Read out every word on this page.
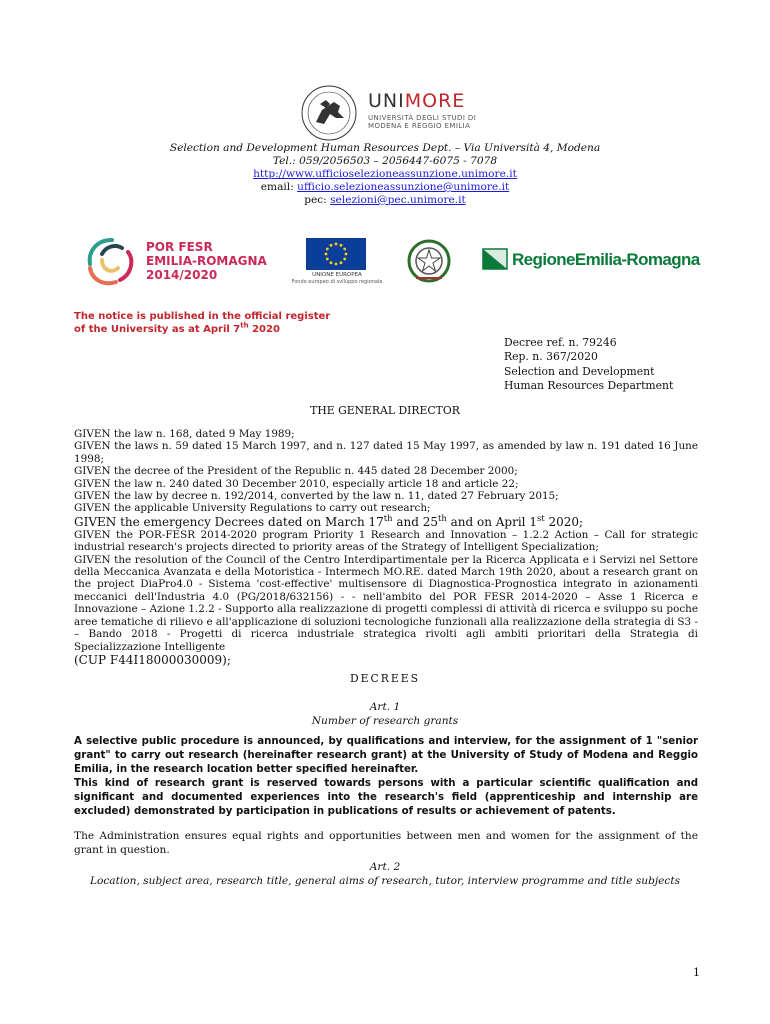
UNIMORE
UNIVERSITÀ DEGLI STUDI DI
MODENA E REGGIO EMILIA
Selection and Development Human Resources Dept. – Via Università 4, Modena
Tel.: 059/2056503 – 2056447-6075 - 7078
http://www.ufficioselezioneassunzione.unimore.it
email: ufficio.selezioneassunzione@unimore.it
pec: selezioni@pec.unimore.it
POR FESR
EMILIA-ROMAGNA
2014/2020	UNIONE EUROPEA
Fondo europeo di sviluppo regionale
RegioneEmilia-Romagna
The notice is published in the official register
of the University as at April 7th 2020
Decree ref. n. 79246
Rep. n. 367/2020
Selection and Development
Human Resources Department
THE GENERAL DIRECTOR

GIVEN the law n. 168, dated 9 May 1989;

GIVEN the laws n. 59 dated 15 March 1997, and n. 127 dated 15 May 1997, as amended by law n. 191 dated 16 June 1998;

GIVEN the decree of the President of the Republic n. 445 dated 28 December 2000;

GIVEN the law n. 240 dated 30 December 2010, especially article 18 and article 22;

GIVEN the law by decree n. 192/2014, converted by the law n. 11, dated 27 February 2015;

GIVEN the applicable University Regulations to carry out research;

GIVEN the emergency Decrees dated on March 17th and 25th and on April 1st 2020;

GIVEN the POR-FESR 2014-2020 program Priority 1 Research and Innovation – 1.2.2 Action – Call for strategic industrial research's projects directed to priority areas of the Strategy of Intelligent Specialization;

GIVEN the resolution of the Council of the Centro Interdipartimentale per la Ricerca Applicata e i Servizi nel Settore della Meccanica Avanzata e della Motoristica - Intermech MO.RE. dated March 19th 2020, about a research grant on the project DiaPro4.0 - Sistema 'cost-effective' multisensore di Diagnostica-Prognostica integrato in azionamenti meccanici dell'Industria 4.0 (PG/2018/632156) - - nell'ambito del POR FESR 2014-2020 – Asse 1 Ricerca e Innovazione – Azione 1.2.2 - Supporto alla realizzazione di progetti complessi di attività di ricerca e sviluppo su poche aree tematiche di rilievo e all'applicazione di soluzioni tecnologiche funzionali alla realizzazione della strategia di S3 - – Bando 2018 - Progetti di ricerca industriale strategica rivolti agli ambiti prioritari della Strategia di Specializzazione Intelligente
(CUP F44I18000030009);

DECREES
Art. 1
Number of research grants

A selective public procedure is announced, by qualifications and interview, for the assignment of 1 "senior grant" to carry out research (hereinafter research grant) at the University of Study of Modena and Reggio Emilia, in the research location better specified hereinafter.

This kind of research grant is reserved towards persons with a particular scientific qualification and significant and documented experiences into the research's field (apprenticeship and internship are excluded) demonstrated by participation in publications of results or achievement of patents.

The Administration ensures equal rights and opportunities between men and women for the assignment of the grant in question.
Art. 2
Location, subject area, research title, general aims of research, tutor, interview programme and title subjects
1
